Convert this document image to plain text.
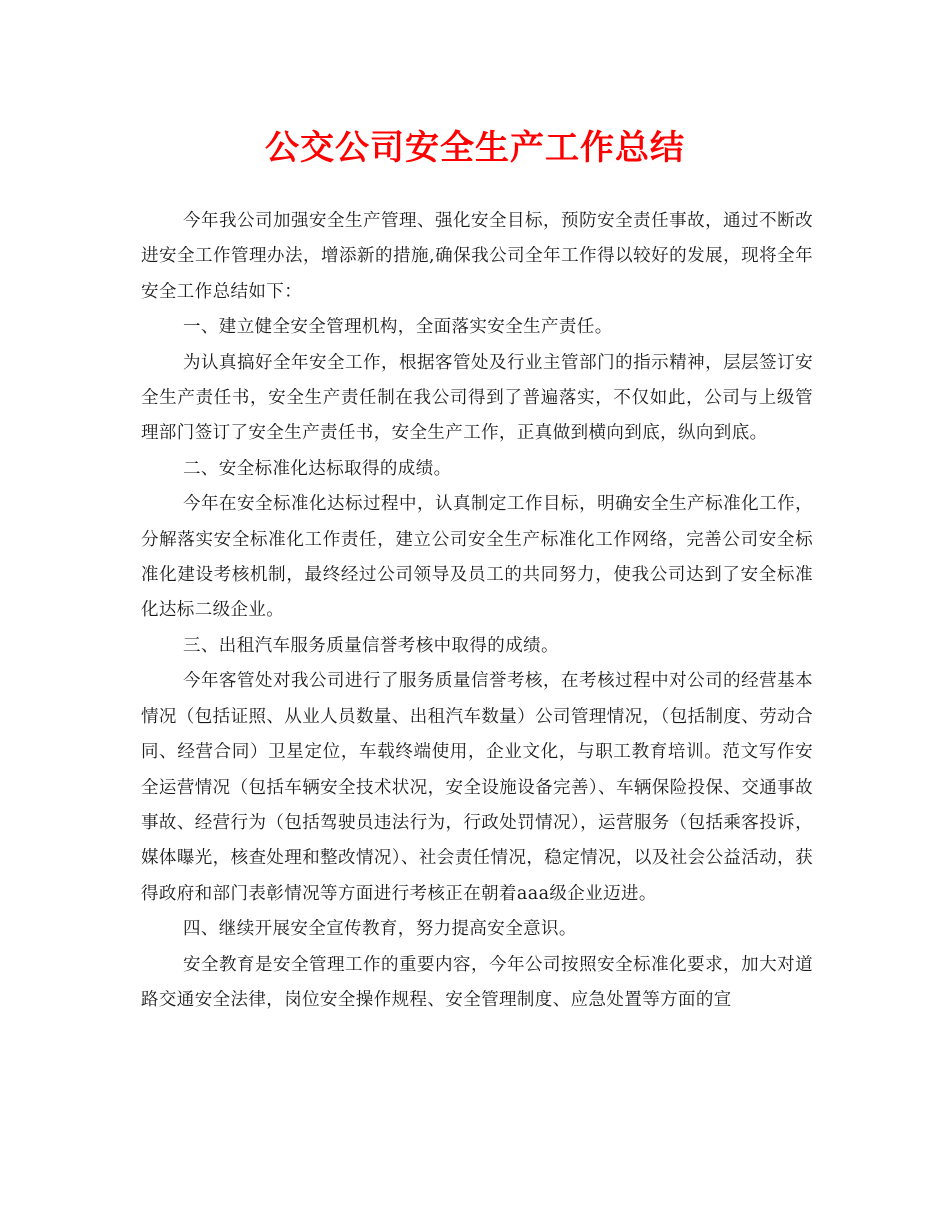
公交公司安全生产工作总结

今年我公司加强安全生产管理、强化安全目标，预防安全责任事故，通过不断改进安全工作管理办法，增添新的措施,确保我公司全年工作得以较好的发展，现将全年安全工作总结如下：

一、建立健全安全管理机构，全面落实安全生产责任。

为认真搞好全年安全工作，根据客管处及行业主管部门的指示精神，层层签订安全生产责任书，安全生产责任制在我公司得到了普遍落实，不仅如此，公司与上级管理部门签订了安全生产责任书，安全生产工作，正真做到横向到底，纵向到底。

二、安全标准化达标取得的成绩。

今年在安全标准化达标过程中，认真制定工作目标，明确安全生产标准化工作，分解落实安全标准化工作责任，建立公司安全生产标准化工作网络，完善公司安全标准化建设考核机制，最终经过公司领导及员工的共同努力，使我公司达到了安全标准化达标二级企业。

三、出租汽车服务质量信誉考核中取得的成绩。

今年客管处对我公司进行了服务质量信誉考核，在考核过程中对公司的经营基本情况（包括证照、从业人员数量、出租汽车数量）公司管理情况，（包括制度、劳动合同、经营合同）卫星定位，车载终端使用，企业文化，与职工教育培训。范文写作安全运营情况（包括车辆安全技术状况，安全设施设备完善）、车辆保险投保、交通事故事故、经营行为（包括驾驶员违法行为，行政处罚情况），运营服务（包括乘客投诉，媒体曝光，核查处理和整改情况）、社会责任情况，稳定情况，以及社会公益活动，获得政府和部门表彰情况等方面进行考核正在朝着aaa级企业迈进。

四、继续开展安全宣传教育，努力提高安全意识。

安全教育是安全管理工作的重要内容，今年公司按照安全标准化要求，加大对道路交通安全法律，岗位安全操作规程、安全管理制度、应急处置等方面的宣
